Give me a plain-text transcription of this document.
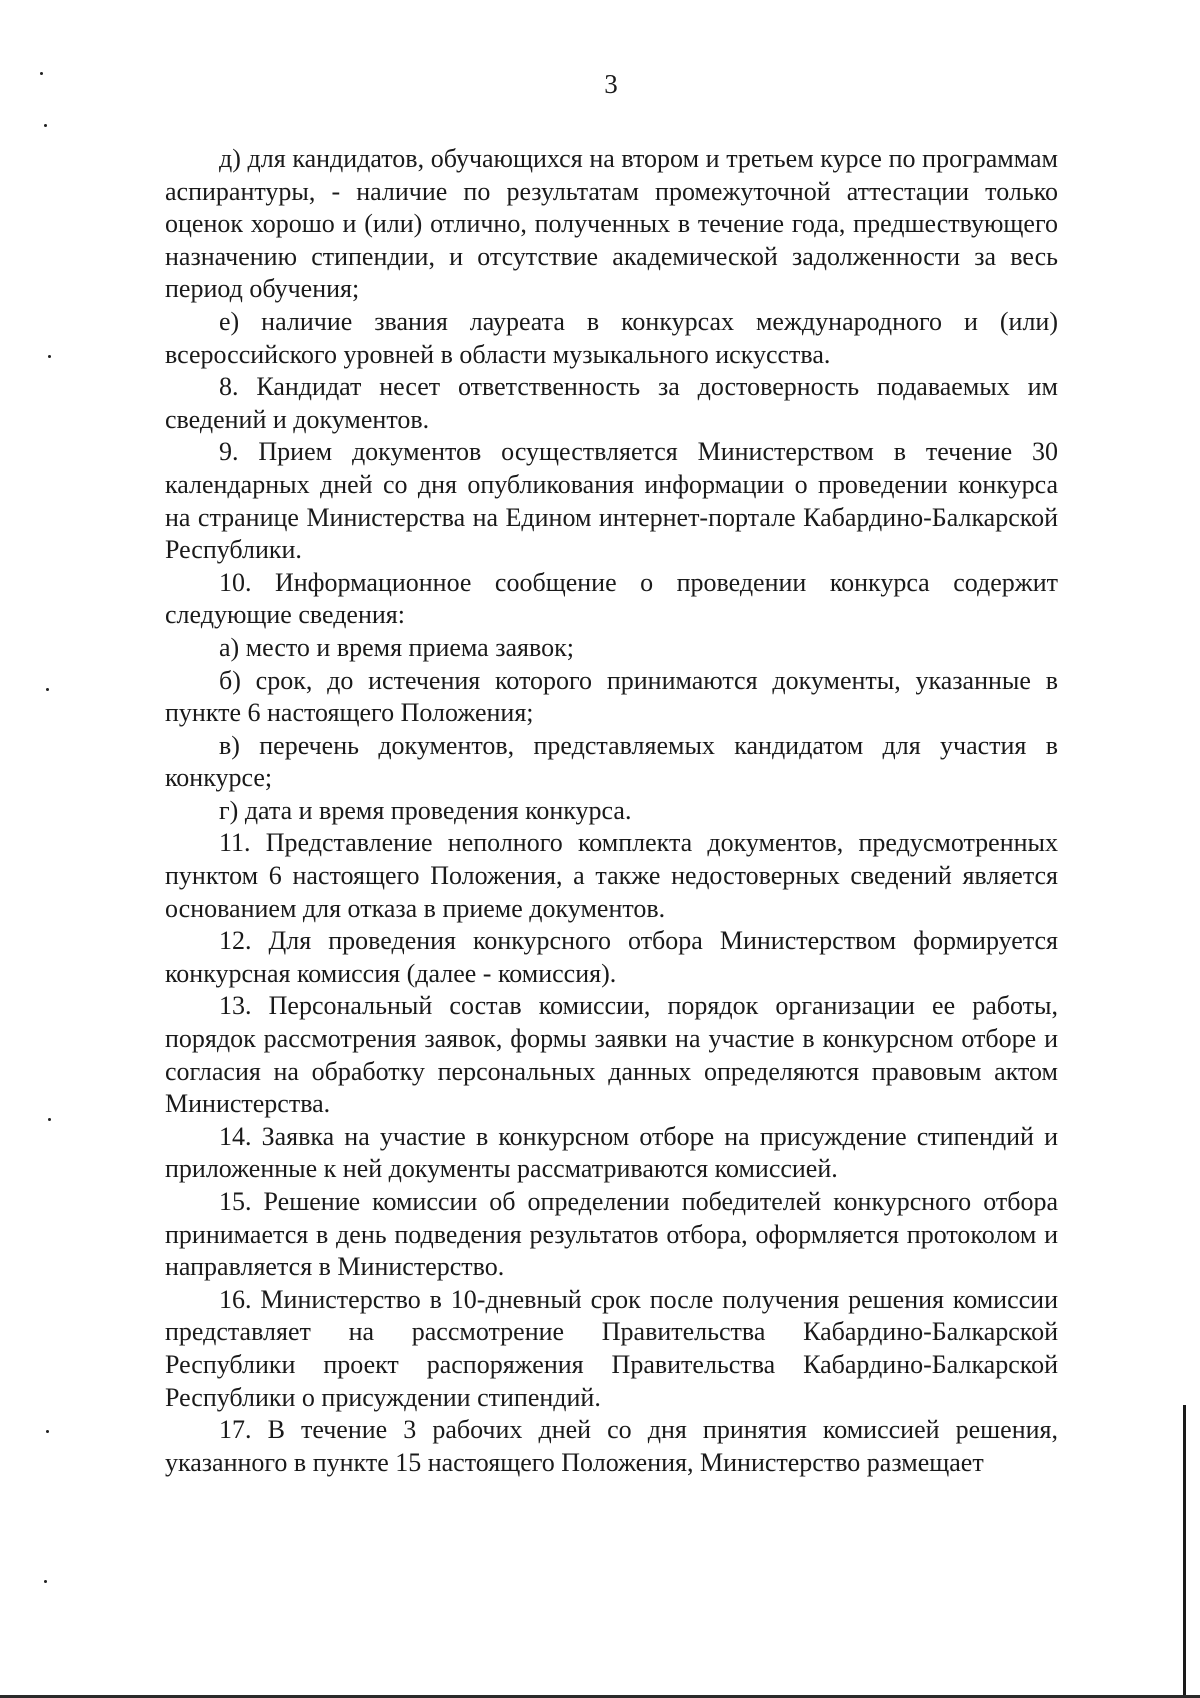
3

д) для кандидатов, обучающихся на втором и третьем курсе по программам аспирантуры, - наличие по результатам промежуточной аттестации только оценок хорошо и (или) отлично, полученных в течение года, предшествующего назначению стипендии, и отсутствие академической задолженности за весь период обучения;

е) наличие звания лауреата в конкурсах международного и (или) всероссийского уровней в области музыкального искусства.

8. Кандидат несет ответственность за достоверность подаваемых им сведений и документов.

9. Прием документов осуществляется Министерством в течение 30 календарных дней со дня опубликования информации о проведении конкурса на странице Министерства на Едином интернет-портале Кабардино-Балкарской Республики.

10. Информационное сообщение о проведении конкурса содержит следующие сведения:

а) место и время приема заявок;

б) срок, до истечения которого принимаются документы, указанные в пункте 6 настоящего Положения;

в) перечень документов, представляемых кандидатом для участия в конкурсе;

г) дата и время проведения конкурса.

11. Представление неполного комплекта документов, предусмотренных пунктом 6 настоящего Положения, а также недостоверных сведений является основанием для отказа в приеме документов.

12. Для проведения конкурсного отбора Министерством формируется конкурсная комиссия (далее - комиссия).

13. Персональный состав комиссии, порядок организации ее работы, порядок рассмотрения заявок, формы заявки на участие в конкурсном отборе и согласия на обработку персональных данных определяются правовым актом Министерства.

14. Заявка на участие в конкурсном отборе на присуждение стипендий и приложенные к ней документы рассматриваются комиссией.

15. Решение комиссии об определении победителей конкурсного отбора принимается в день подведения результатов отбора, оформляется протоколом и направляется в Министерство.

16. Министерство в 10-дневный срок после получения решения комиссии представляет на рассмотрение Правительства Кабардино-Балкарской Республики проект распоряжения Правительства Кабардино-Балкарской Республики о присуждении стипендий.

17. В течение 3 рабочих дней со дня принятия комиссией решения, указанного в пункте 15 настоящего Положения, Министерство размещает
